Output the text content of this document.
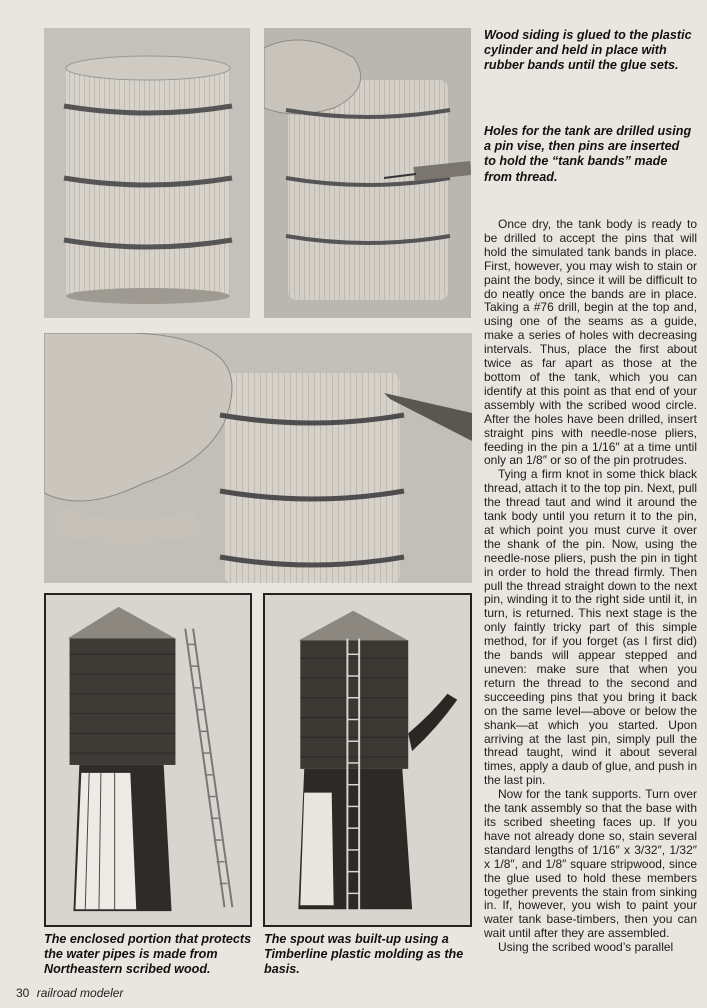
Wood siding is glued to the plastic cylinder and held in place with rubber bands until the glue sets.

Holes for the tank are drilled using a pin vise, then pins are inserted to hold the “tank bands” made from thread.

The enclosed portion that protects the water pipes is made from Northeastern scribed wood.

The spout was built-up using a Timberline plastic molding as the basis.

Once dry, the tank body is ready to be drilled to accept the pins that will hold the simulated tank bands in place. First, however, you may wish to stain or paint the body, since it will be difficult to do neatly once the bands are in place. Taking a #76 drill, begin at the top and, using one of the seams as a guide, make a series of holes with decreasing intervals. Thus, place the first about twice as far apart as those at the bottom of the tank, which you can identify at this point as that end of your assembly with the scribed wood circle. After the holes have been drilled, insert straight pins with needle-nose pliers, feeding in the pin a 1/16″ at a time until only an 1/8″ or so of the pin protrudes.

Tying a firm knot in some thick black thread, attach it to the top pin. Next, pull the thread taut and wind it around the tank body until you return it to the pin, at which point you must curve it over the shank of the pin. Now, using the needle-nose pliers, push the pin in tight in order to hold the thread firmly. Then pull the thread straight down to the next pin, winding it to the right side until it, in turn, is returned. This next stage is the only faintly tricky part of this simple method, for if you forget (as I first did) the bands will appear stepped and uneven: make sure that when you return the thread to the second and succeeding pins that you bring it back on the same level—above or below the shank—at which you started. Upon arriving at the last pin, simply pull the thread taught, wind it about several times, apply a daub of glue, and push in the last pin.

Now for the tank supports. Turn over the tank assembly so that the base with its scribed sheeting faces up. If you have not already done so, stain several standard lengths of 1/16″ x 3/32″, 1/32″ x 1/8″, and 1/8″ square stripwood, since the glue used to hold these members together prevents the stain from sinking in. If, however, you wish to paint your water tank base-timbers, then you can wait until after they are assembled.

Using the scribed wood’s parallel

30 railroad modeler
